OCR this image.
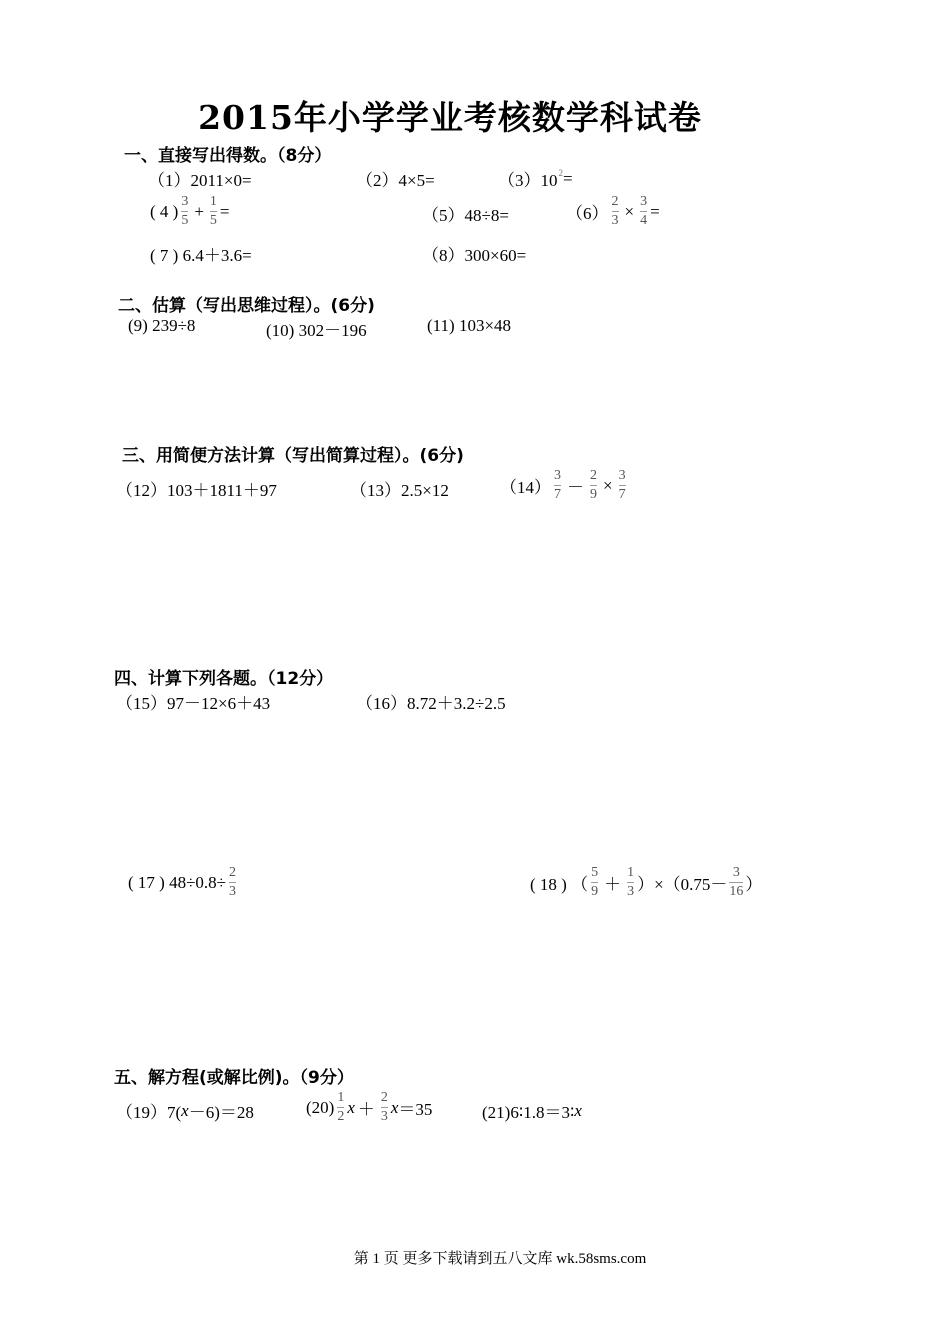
2015年小学学业考核数学科试卷
一、直接写出得数。（8分）
（1）2011×0=	（2）4×5=	（3）10 2 =
( 4 ) $\frac{3}{5} + \frac{1}{5}$ =	（5）48÷8=	$(6) \frac{2}{3} \times \frac{3}{4}$ =
( 7 ) 6.4＋3.6=	（8）300×60=
二、估算（写出思维过程）。(6分)
(9) 239÷8	(10) 302－196	(11) 103×48
三、用简便方法计算（写出简算过程）。(6分)
（12）103＋1811＋97	（13）2.5×12	$(14) \frac{3}{7} - \frac{2}{9} \times \frac{3}{7}$
四、计算下列各题。（12分）
（15）97－12×6＋43	（16）8.72＋3.2÷2.5
( 17 ) $48\div 0.8\div \frac{2}{3}$	( 18 ) （ $\frac{5}{9} + \frac{1}{3} )\times(0.75- \frac{3}{16}$ ）
五、解方程(或解比例)。（9分）
（19）7( x －6)＝28	$(20) \frac{1}{2}$ $x + \frac{2}{3}$ x ＝35	(21)6∶1.8＝3∶ x
第 1 页 更多下载请到五八文库 wk.58sms.com
